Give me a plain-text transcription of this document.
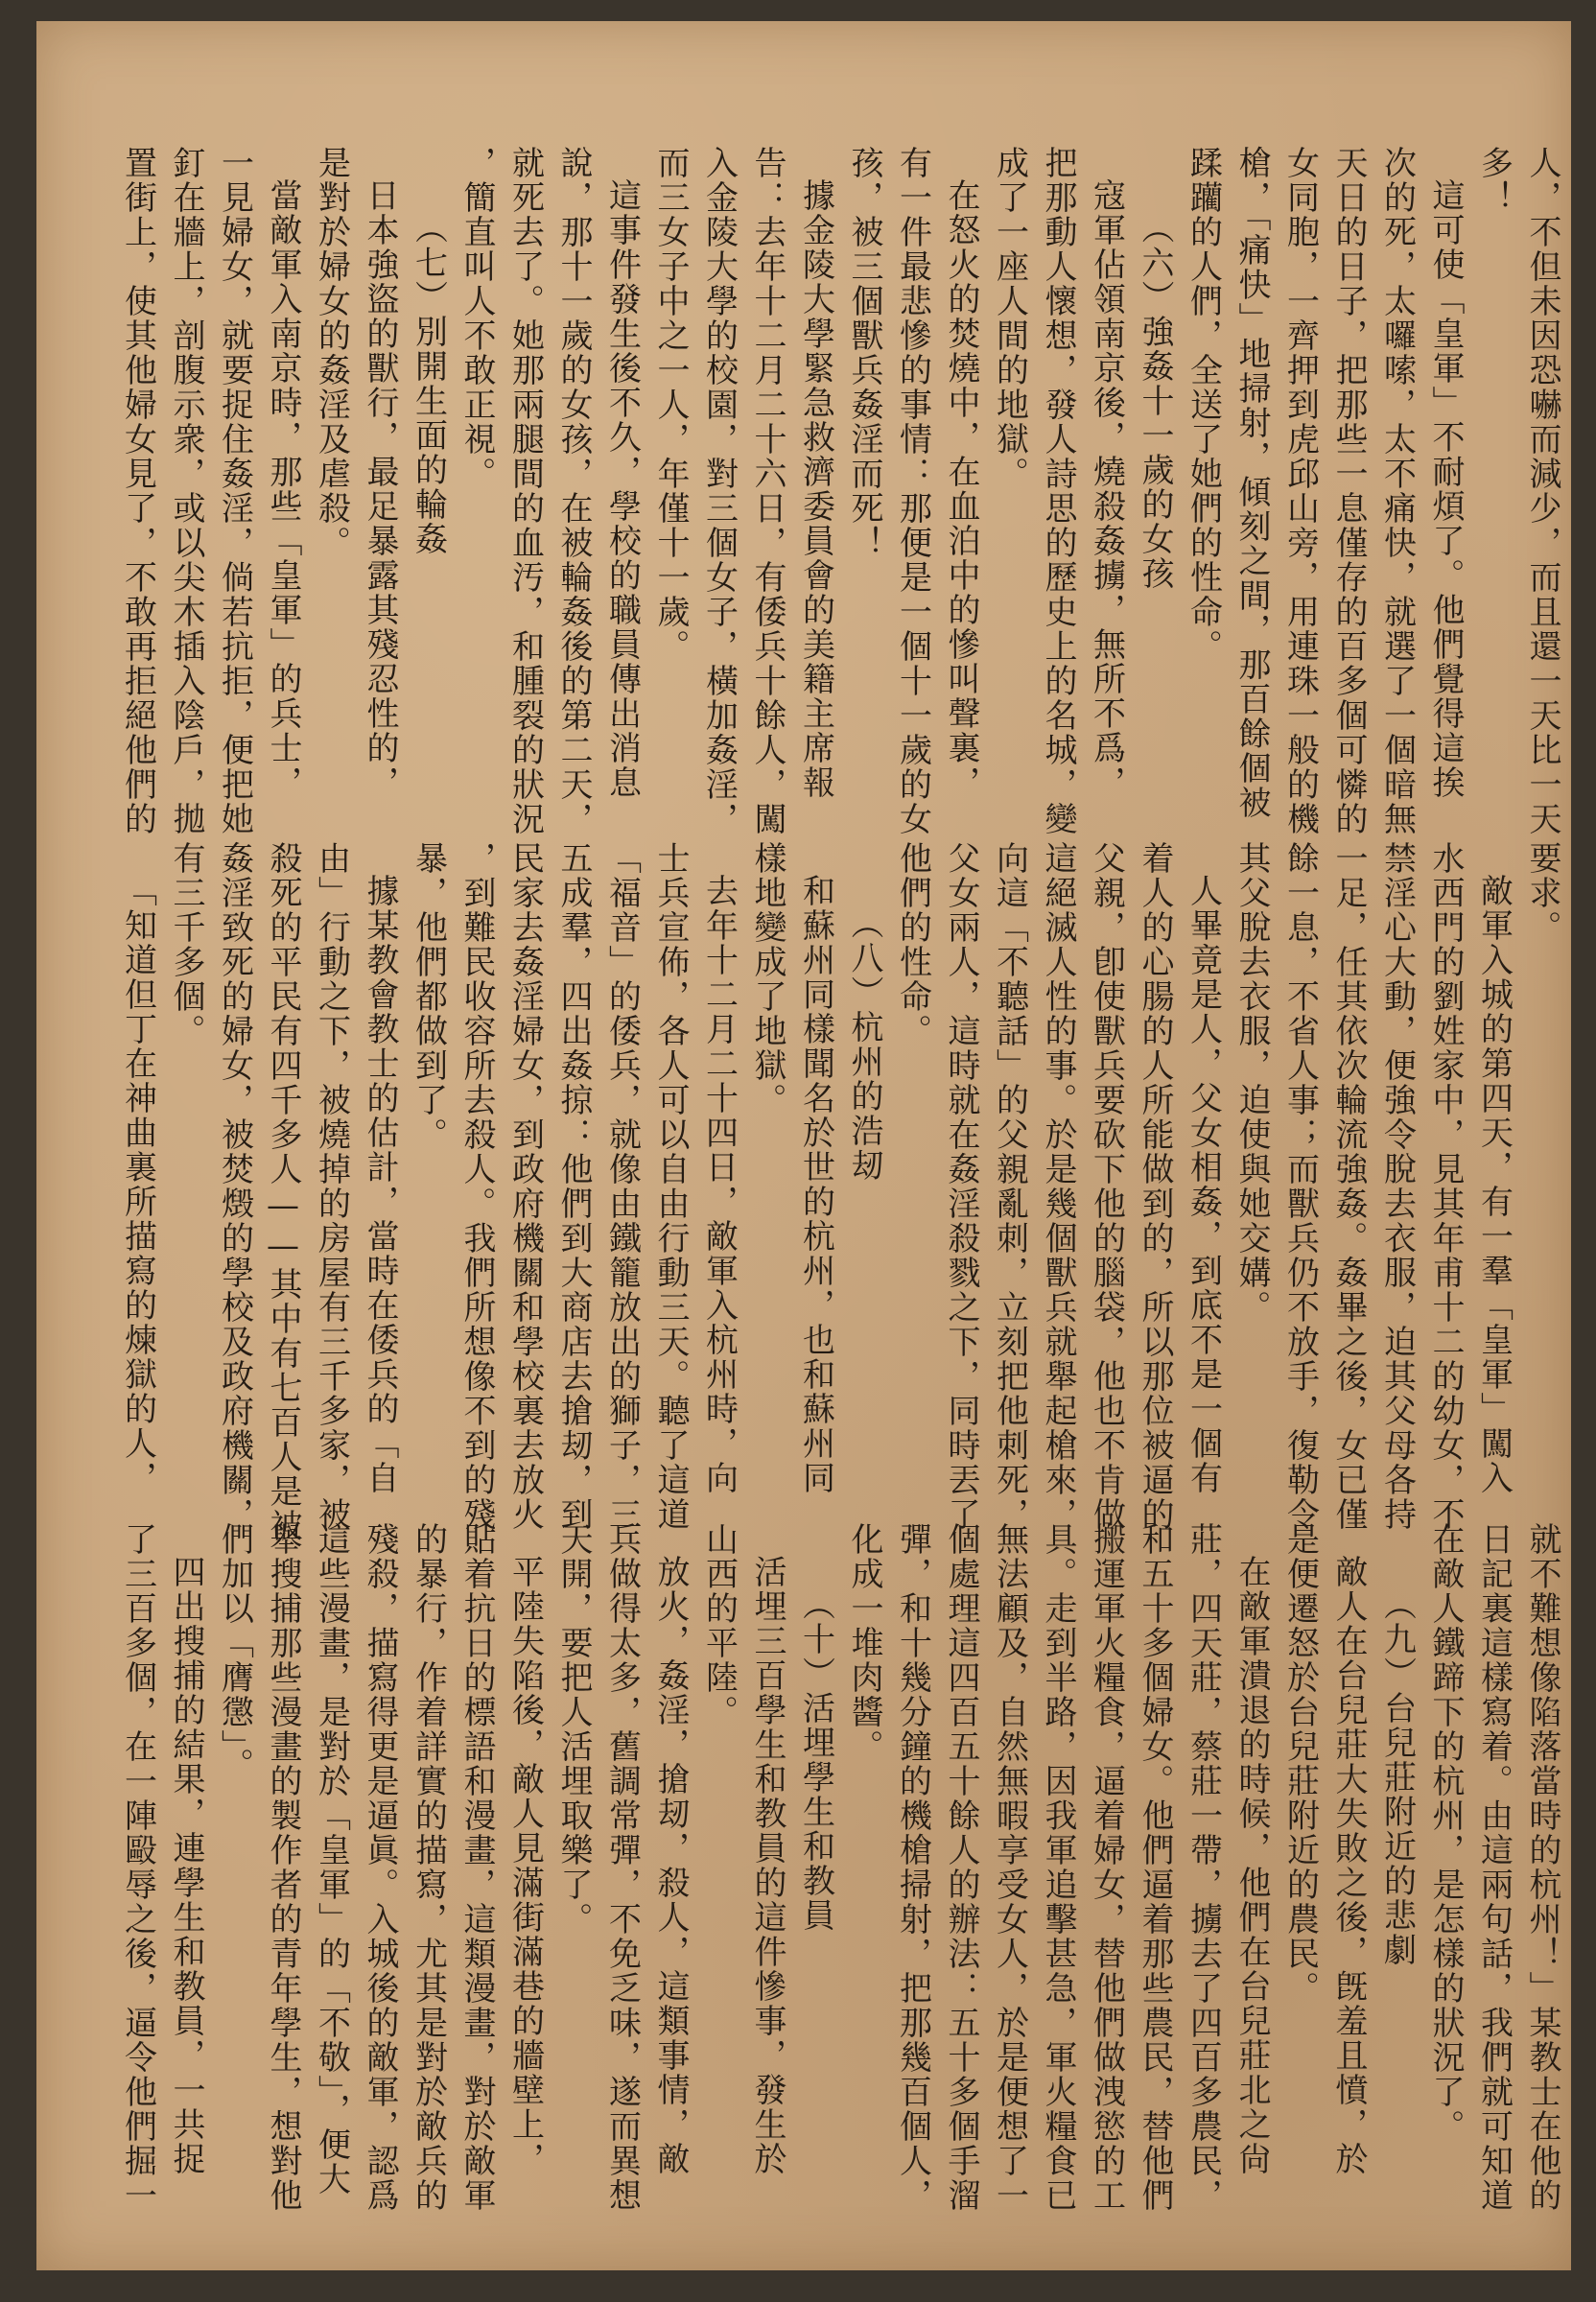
人，不但未因恐嚇而減少，而且還一天比一天
多！
這可使「皇軍」不耐煩了。他們覺得這挨
次的死，太囉嗦，太不痛快，就選了一個暗無
天日的日子，把那些一息僅存的百多個可憐的
女同胞，一齊押到虎邱山旁，用連珠一般的機
槍，「痛快」地掃射，傾刻之間，那百餘個被
蹂躪的人們，全送了她們的性命。
（六）強姦十一歲的女孩
寇軍佔領南京後，燒殺姦擄，無所不爲，
把那動人懷想，發人詩思的歷史上的名城，變
成了一座人間的地獄。
在怒火的焚燒中，在血泊中的慘叫聲裏，
有一件最悲慘的事情：那便是一個十一歲的女
孩，被三個獸兵姦淫而死！
據金陵大學緊急救濟委員會的美籍主席報
告：去年十二月二十六日，有倭兵十餘人，闖
入金陵大學的校園，對三個女子，橫加姦淫，
而三女子中之一人，年僅十一歲。
這事件發生後不久，學校的職員傳出消息
說，那十一歲的女孩，在被輪姦後的第二天，
就死去了。她那兩腿間的血汚，和腫裂的狀況
，簡直叫人不敢正視。
（七）別開生面的輪姦
日本強盜的獸行，最足暴露其殘忍性的，
是對於婦女的姦淫及虐殺。
當敵軍入南京時，那些「皇軍」的兵士，
一見婦女，就要捉住姦淫，倘若抗拒，便把她
釘在牆上，剖腹示衆，或以尖木插入陰戶，拋
置街上，使其他婦女見了，不敢再拒絕他們的
要求。
敵軍入城的第四天，有一羣「皇軍」闖入
水西門的劉姓家中，見其年甫十二的幼女，不
禁淫心大動，便強令脫去衣服，迫其父母各持
一足，任其依次輪流強姦。姦畢之後，女已僅
餘一息，不省人事；而獸兵仍不放手，復勒令
其父脫去衣服，迫使與她交媾。
人畢竟是人，父女相姦，到底不是一個有
着人的心腸的人所能做到的，所以那位被逼的
父親，卽使獸兵要砍下他的腦袋，他也不肯做
這絕滅人性的事。於是幾個獸兵就舉起槍來，
向這「不聽話」的父親亂刺，立刻把他刺死，
父女兩人，這時就在姦淫殺戮之下，同時丟了
他們的性命。
（八）杭州的浩刼
和蘇州同樣聞名於世的杭州，也和蘇州同
樣地變成了地獄。
去年十二月二十四日，敵軍入杭州時，向
士兵宣佈，各人可以自由行動三天。聽了這道
「福音」的倭兵，就像由鐵籠放出的獅子，三
五成羣，四出姦掠：他們到大商店去搶刼，到
民家去姦淫婦女，到政府機關和學校裏去放火
，到難民收容所去殺人。我們所想像不到的殘
暴，他們都做到了。
據某教會教士的估計，當時在倭兵的「自
由」行動之下，被燒掉的房屋有三千多家，被
殺死的平民有四千多人——其中有七百人是被
姦淫致死的婦女，被焚燬的學校及政府機關，
有三千多個。
「知道但丁在神曲裏所描寫的煉獄的人，
就不難想像陷落當時的杭州！」某教士在他的
日記裏這樣寫着。由這兩句話，我們就可知道
在敵人鐵蹄下的杭州，是怎樣的狀況了。
（九）台兒莊附近的悲劇
敵人在台兒莊大失敗之後，旣羞且憤，於
是便遷怒於台兒莊附近的農民。
在敵軍潰退的時候，他們在台兒莊北之尙
莊，四天莊，蔡莊一帶，擄去了四百多農民，
和五十多個婦女。他們逼着那些農民，替他們
搬運軍火糧食，逼着婦女，替他們做洩慾的工
具。走到半路，因我軍追擊甚急，軍火糧食已
無法顧及，自然無暇享受女人，於是便想了一
個處理這四百五十餘人的辦法：五十多個手溜
彈，和十幾分鐘的機槍掃射，把那幾百個人，
化成一堆肉醬。
（十）活埋學生和教員
活埋三百學生和教員的這件慘事，發生於
山西的平陸。
放火，姦淫，搶刼，殺人，這類事情，敵
兵做得太多，舊調常彈，不免乏味，遂而異想
天開，要把人活埋取樂了。
平陸失陷後，敵人見滿街滿巷的牆壁上，
貼着抗日的標語和漫畫，這類漫畫，對於敵軍
的暴行，作着詳實的描寫，尤其是對於敵兵的
殘殺，描寫得更是逼眞。入城後的敵軍，認爲
這些漫畫，是對於「皇軍」的「不敬」，便大
舉搜捕那些漫畫的製作者的青年學生，想對他
們加以「膺懲」。
四出搜捕的結果，連學生和教員，一共捉
了三百多個，在一陣毆辱之後，逼令他們掘一
